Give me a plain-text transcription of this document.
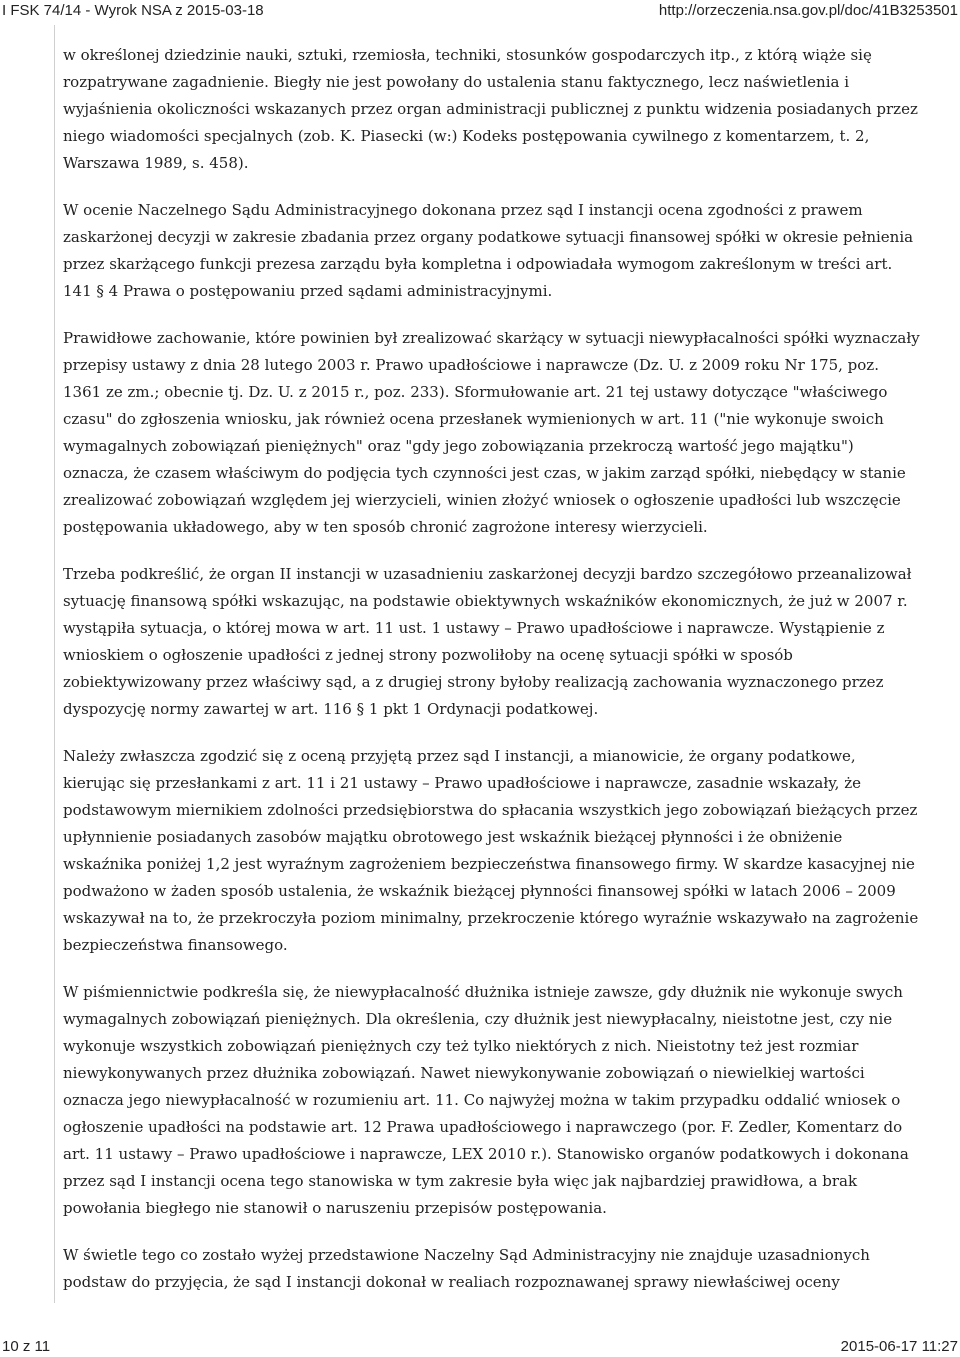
I FSK 74/14 - Wyrok NSA z 2015-03-18	http://orzeczenia.nsa.gov.pl/doc/41B3253501

w określonej dziedzinie nauki, sztuki, rzemiosła, techniki, stosunków gospodarczych itp., z którą wiąże się rozpatrywane zagadnienie. Biegły nie jest powołany do ustalenia stanu faktycznego, lecz naświetlenia i wyjaśnienia okoliczności wskazanych przez organ administracji publicznej z punktu widzenia posiadanych przez niego wiadomości specjalnych (zob. K. Piasecki (w:) Kodeks postępowania cywilnego z komentarzem, t. 2, Warszawa 1989, s. 458).

W ocenie Naczelnego Sądu Administracyjnego dokonana przez sąd I instancji ocena zgodności z prawem zaskarżonej decyzji w zakresie zbadania przez organy podatkowe sytuacji finansowej spółki w okresie pełnienia przez skarżącego funkcji prezesa zarządu była kompletna i odpowiadała wymogom zakreślonym w treści art. 141 § 4 Prawa o postępowaniu przed sądami administracyjnymi.

Prawidłowe zachowanie, które powinien był zrealizować skarżący w sytuacji niewypłacalności spółki wyznaczały przepisy ustawy z dnia 28 lutego 2003 r. Prawo upadłościowe i naprawcze (Dz. U. z 2009 roku Nr 175, poz. 1361 ze zm.; obecnie tj. Dz. U. z 2015 r., poz. 233). Sformułowanie art. 21 tej ustawy dotyczące "właściwego czasu" do zgłoszenia wniosku, jak również ocena przesłanek wymienionych w art. 11 ("nie wykonuje swoich wymagalnych zobowiązań pieniężnych" oraz "gdy jego zobowiązania przekroczą wartość jego majątku") oznacza, że czasem właściwym do podjęcia tych czynności jest czas, w jakim zarząd spółki, niebędący w stanie zrealizować zobowiązań względem jej wierzycieli, winien złożyć wniosek o ogłoszenie upadłości lub wszczęcie postępowania układowego, aby w ten sposób chronić zagrożone interesy wierzycieli.

Trzeba podkreślić, że organ II instancji w uzasadnieniu zaskarżonej decyzji bardzo szczegółowo przeanalizował sytuację finansową spółki wskazując, na podstawie obiektywnych wskaźników ekonomicznych, że już w 2007 r. wystąpiła sytuacja, o której mowa w art. 11 ust. 1 ustawy – Prawo upadłościowe i naprawcze. Wystąpienie z wnioskiem o ogłoszenie upadłości z jednej strony pozwoliłoby na ocenę sytuacji spółki w sposób zobiektywizowany przez właściwy sąd, a z drugiej strony byłoby realizacją zachowania wyznaczonego przez dyspozycję normy zawartej w art. 116 § 1 pkt 1 Ordynacji podatkowej.

Należy zwłaszcza zgodzić się z oceną przyjętą przez sąd I instancji, a mianowicie, że organy podatkowe, kierując się przesłankami z art. 11 i 21 ustawy – Prawo upadłościowe i naprawcze, zasadnie wskazały, że podstawowym miernikiem zdolności przedsiębiorstwa do spłacania wszystkich jego zobowiązań bieżących przez upłynnienie posiadanych zasobów majątku obrotowego jest wskaźnik bieżącej płynności i że obniżenie wskaźnika poniżej 1,2 jest wyraźnym zagrożeniem bezpieczeństwa finansowego firmy. W skardze kasacyjnej nie podważono w żaden sposób ustalenia, że wskaźnik bieżącej płynności finansowej spółki w latach 2006 – 2009 wskazywał na to, że przekroczyła poziom minimalny, przekroczenie którego wyraźnie wskazywało na zagrożenie bezpieczeństwa finansowego.

W piśmiennictwie podkreśla się, że niewypłacalność dłużnika istnieje zawsze, gdy dłużnik nie wykonuje swych wymagalnych zobowiązań pieniężnych. Dla określenia, czy dłużnik jest niewypłacalny, nieistotne jest, czy nie wykonuje wszystkich zobowiązań pieniężnych czy też tylko niektórych z nich. Nieistotny też jest rozmiar niewykonywanych przez dłużnika zobowiązań. Nawet niewykonywanie zobowiązań o niewielkiej wartości oznacza jego niewypłacalność w rozumieniu art. 11. Co najwyżej można w takim przypadku oddalić wniosek o ogłoszenie upadłości na podstawie art. 12 Prawa upadłościowego i naprawczego (por. F. Zedler, Komentarz do art. 11 ustawy – Prawo upadłościowe i naprawcze, LEX 2010 r.). Stanowisko organów podatkowych i dokonana przez sąd I instancji ocena tego stanowiska w tym zakresie była więc jak najbardziej prawidłowa, a brak powołania biegłego nie stanowił o naruszeniu przepisów postępowania.

W świetle tego co zostało wyżej przedstawione Naczelny Sąd Administracyjny nie znajduje uzasadnionych podstaw do przyjęcia, że sąd I instancji dokonał w realiach rozpoznawanej sprawy niewłaściwej oceny

10 z 11	2015-06-17 11:27
